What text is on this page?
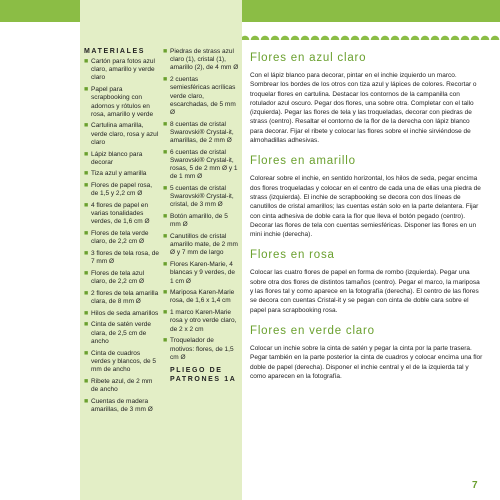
MATERIALES
■ Cartón para fotos azul claro, amarillo y verde claro
■ Papel para scrapbooking con adornos y rótulos en rosa, amarillo y verde
■ Cartulina amarilla, verde claro, rosa y azul claro
■ Lápiz blanco para decorar
■ Tiza azul y amarilla
■ Flores de papel rosa, de 1,5 y 2,2 cm Ø
■ 4 flores de papel en varias tonalidades verdes, de 1,6 cm Ø
■ Flores de tela verde claro, de 2,2 cm Ø
■ 3 flores de tela rosa, de 7 mm Ø
■ Flores de tela azul claro, de 2,2 cm Ø
■ 2 flores de tela amarilla clara, de 8 mm Ø
■ Hilos de seda amarillos
■ Cinta de satén verde clara, de 2,5 cm de ancho
■ Cinta de cuadros verdes y blancos, de 5 mm de ancho
■ Ribete azul, de 2 mm de ancho
■ Cuentas de madera amarillas, de 3 mm Ø
■ Piedras de strass azul claro (1), cristal (1), amarillo (2), de 4 mm Ø
■ 2 cuentas semiesféricas acrílicas verde claro, escarchadas, de 5 mm Ø
■ 8 cuentas de cristal Swarovski® Crystal-it, amarillas, de 2 mm Ø
■ 6 cuentas de cristal Swarovski® Crystal-it, rosas, 5 de 2 mm Ø y 1 de 1 mm Ø
■ 5 cuentas de cristal Swarovski® Crystal-it, cristal, de 3 mm Ø
■ Botón amarillo, de 5 mm Ø
■ Canutillos de cristal amarillo mate, de 2 mm Ø y 7 mm de largo
■ Flores Karen-Marie, 4 blancas y 9 verdes, de 1 cm Ø
■ Mariposa Karen-Marie rosa, de 1,6 x 1,4 cm
■ 1 marco Karen-Marie rosa y otro verde claro, de 2 x 2 cm
■ Troquelador de motivos: flores, de 1,5 cm Ø
PLIEGO DE PATRONES 1A
Flores en azul claro

Con el lápiz blanco para decorar, pintar en el inchie izquierdo un marco. Sombrear los bordes de los otros con tiza azul y lápices de colores. Recortar o troquelar flores en cartulina. Destacar los contornos de la campanilla con rotulador azul oscuro. Pegar dos flores, una sobre otra. Completar con el tallo (izquierda). Pegar las flores de tela y las troqueladas, decorar con piedras de strass (centro). Resaltar el contorno de la flor de la derecha con lápiz blanco para decorar. Fijar el ribete y colocar las flores sobre el inchie sirviéndose de almohadillas adhesivas.

Flores en amarillo

Colorear sobre el inchie, en sentido horizontal, los hilos de seda, pegar encima dos flores troqueladas y colocar en el centro de cada una de ellas una piedra de strass (izquierda). El inchie de scrapbooking se decora con dos líneas de canutillos de cristal amarillos; las cuentas están solo en la parte delantera. Fijar con cinta adhesiva de doble cara la flor que lleva el botón pegado (centro). Decorar las flores de tela con cuentas semiesféricas. Disponer las flores en un mini inchie (derecha).

Flores en rosa

Colocar las cuatro flores de papel en forma de rombo (izquierda). Pegar una sobre otra dos flores de distintos tamaños (centro). Pegar el marco, la mariposa y las flores tal y como aparece en la fotografía (derecha). El centro de las flores se decora con cuentas Cristal-it y se pegan con cinta de doble cara sobre el papel para scrapbooking rosa.

Flores en verde claro

Colocar un inchie sobre la cinta de satén y pegar la cinta por la parte trasera. Pegar también en la parte posterior la cinta de cuadros y colocar encima una flor doble de papel (derecha). Disponer el inchie central y el de la izquierda tal y como aparecen en la fotografía.

7
